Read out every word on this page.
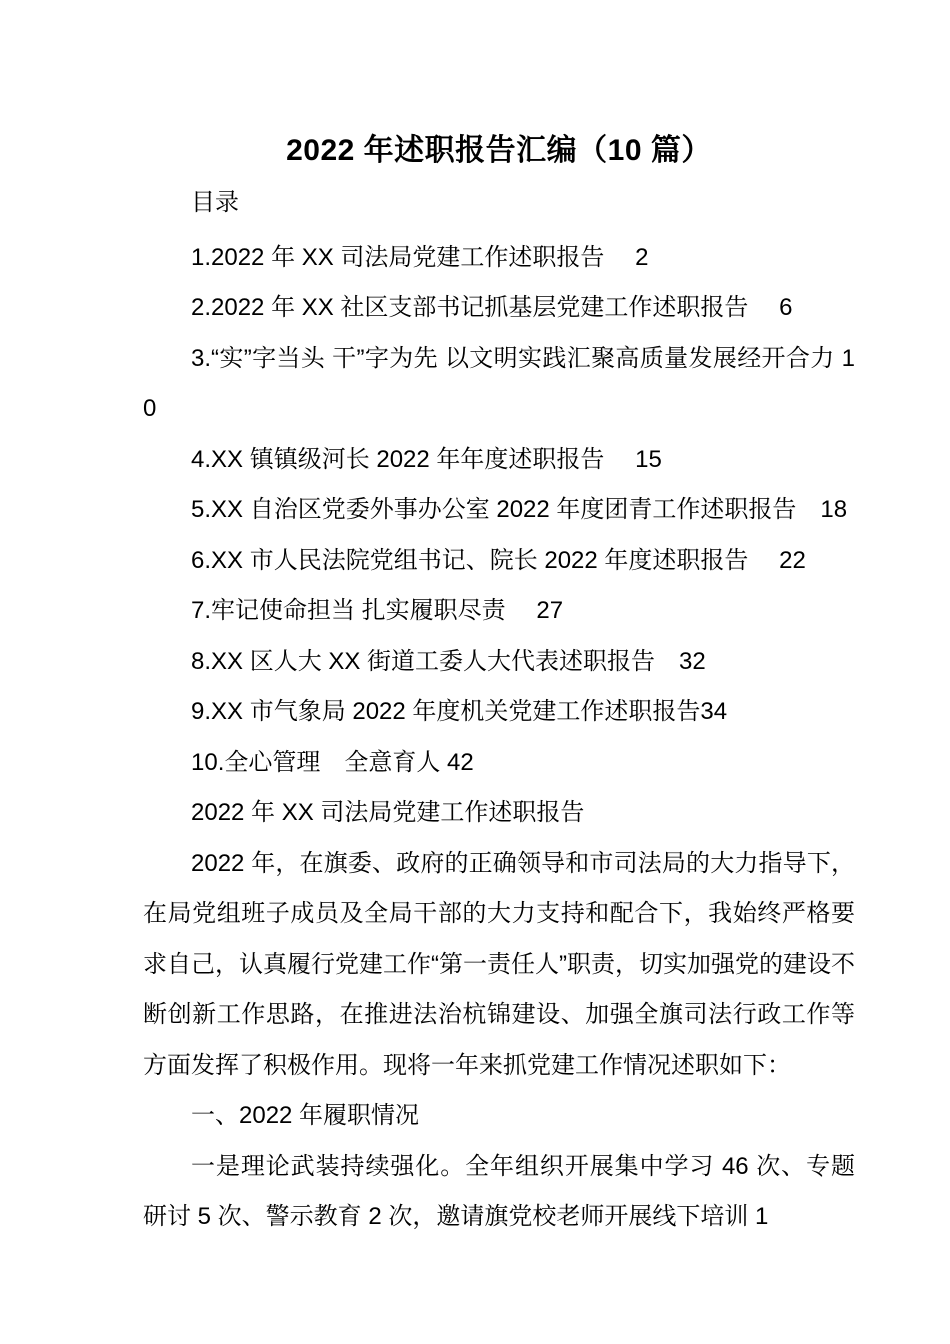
2022 年述职报告汇编（10 篇）

目录

1.2022 年 XX 司法局党建工作述职报告　 2

2.2022 年 XX 社区支部书记抓基层党建工作述职报告　 6

3.“实”字当头 干”字为先 以文明实践汇聚高质量发展经开合力 10

4.XX 镇镇级河长 2022 年年度述职报告　 15

5.XX 自治区党委外事办公室 2022 年度团青工作述职报告　18

6.XX 市人民法院党组书记、院长 2022 年度述职报告　 22

7.牢记使命担当 扎实履职尽责　 27

8.XX 区人大 XX 街道工委人大代表述职报告　32

9.XX 市气象局 2022 年度机关党建工作述职报告34

10.全心管理　全意育人 42

2022 年 XX 司法局党建工作述职报告

2022 年，在旗委、政府的正确领导和市司法局的大力指导下，在局党组班子成员及全局干部的大力支持和配合下，我始终严格要求自己，认真履行党建工作“第一责任人”职责，切实加强党的建设不断创新工作思路，在推进法治杭锦建设、加强全旗司法行政工作等方面发挥了积极作用。现将一年来抓党建工作情况述职如下：

一、2022 年履职情况

一是理论武装持续强化。全年组织开展集中学习 46 次、专题研讨 5 次、警示教育 2 次，邀请旗党校老师开展线下培训 1
